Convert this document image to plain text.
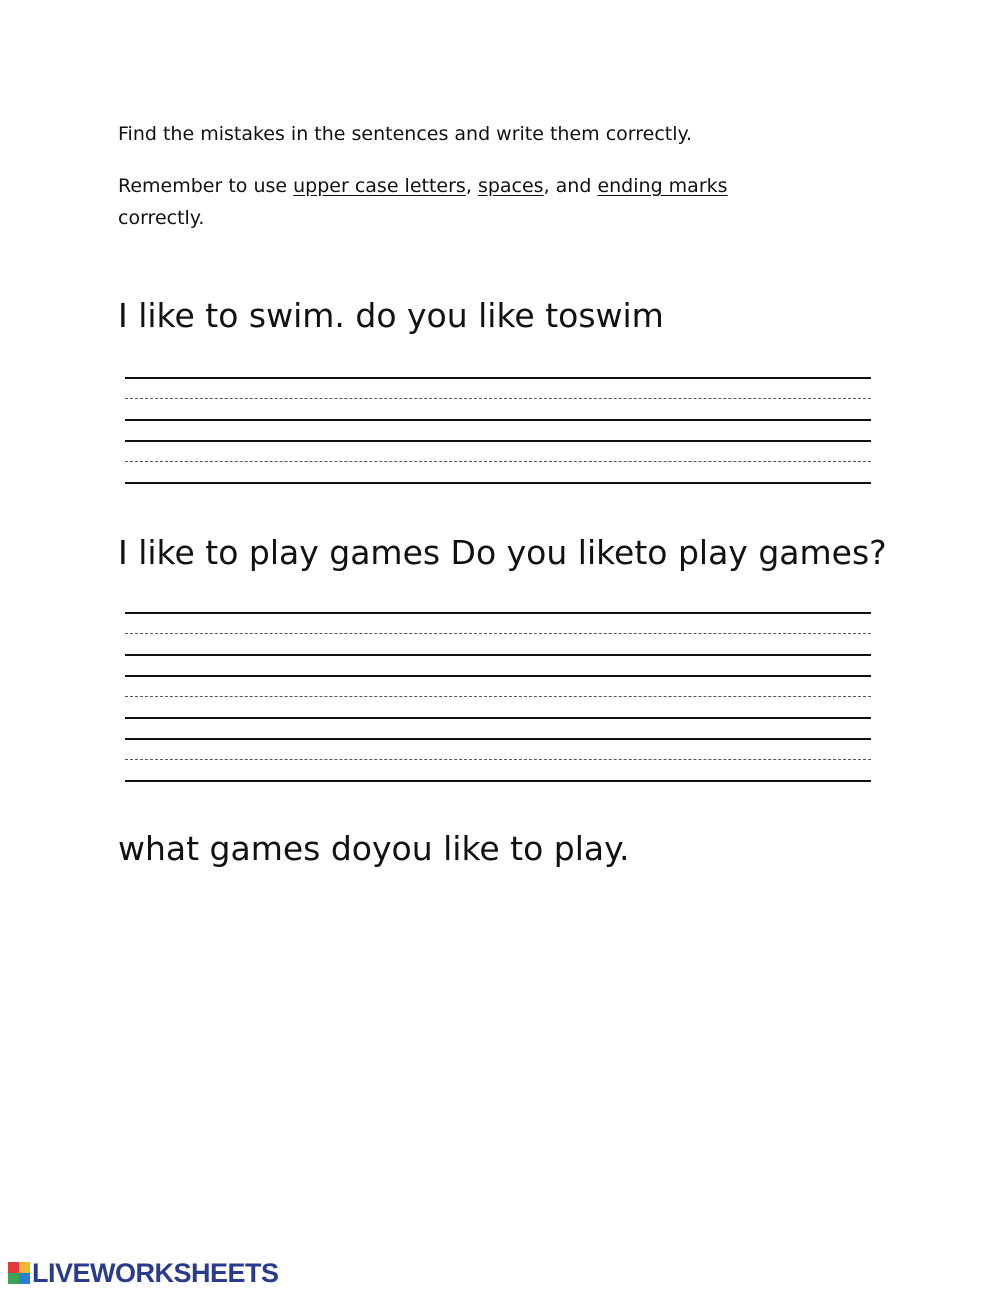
Find the mistakes in the sentences and write them correctly.
Remember to use upper case letters, spaces, and ending marks
correctly.
I like to swim. do you like toswim
I like to play games Do you liketo play games?
what games doyou like to play.
LIVEWORKSHEETS
